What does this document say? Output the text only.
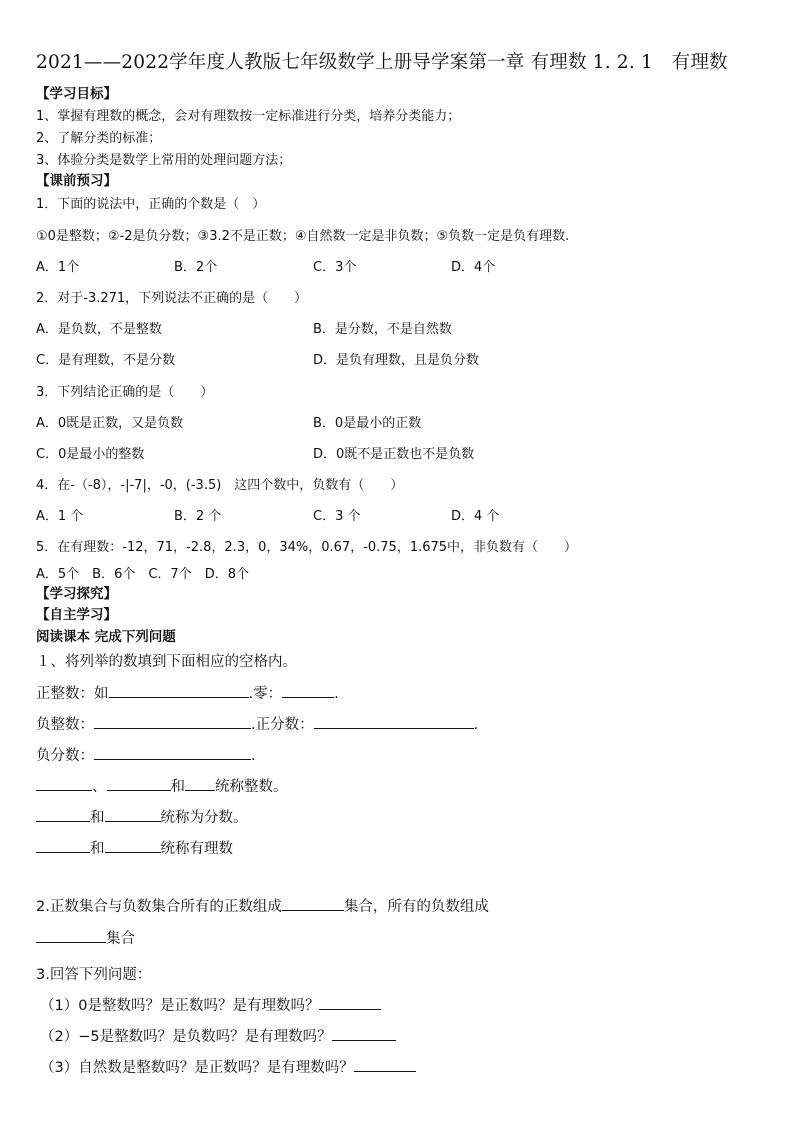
2021——2022学年度人教版七年级数学上册导学案第一章 有理数 1. 2. 1　有理数
【学习目标】
1、掌握有理数的概念，会对有理数按一定标准进行分类，培养分类能力；
2、了解分类的标准；
3、体验分类是数学上常用的处理问题方法；
【课前预习】
1．下面的说法中，正确的个数是（　）
①0是整数；②-2是负分数；③3.2不是正数；④自然数一定是非负数；⑤负数一定是负有理数.
A．1个	B．2个	C．3个	D．4个
2．对于-3.271，下列说法不正确的是（　　）
A．是负数，不是整数	B．是分数，不是自然数
C．是有理数，不是分数	D．是负有理数，且是负分数
3．下列结论正确的是（　　）
A．0既是正数，又是负数	B．0是最小的正数
C．0是最小的整数	D．0既不是正数也不是负数
4．在-（-8），-|-7|，-0，(-3.5)　这四个数中，负数有（　　）
A．1 个	B．2 个	C．3 个	D．4 个
5．在有理数：-12，71，-2.8，2.3，0，34%，0.67，-0.75，1.675中，非负数有（　　）
A．5个　B．6个　C．7个　D．8个
【学习探究】
【自主学习】
阅读课本 完成下列问题
１、将列举的数填到下面相应的空格内。
正整数：如	.零：	.
负整数：	.正分数：	.
负分数：	.
、	和 统称整数。
和	统称为分数。
和	统称有理数
2.正数集合与负数集合所有的正数组成	集合，所有的负数组成
集合
3.回答下列问题：
（1）0是整数吗？是正数吗？是有理数吗？
（2）−5是整数吗？是负数吗？是有理数吗？
（3）自然数是整数吗？是正数吗？是有理数吗？
